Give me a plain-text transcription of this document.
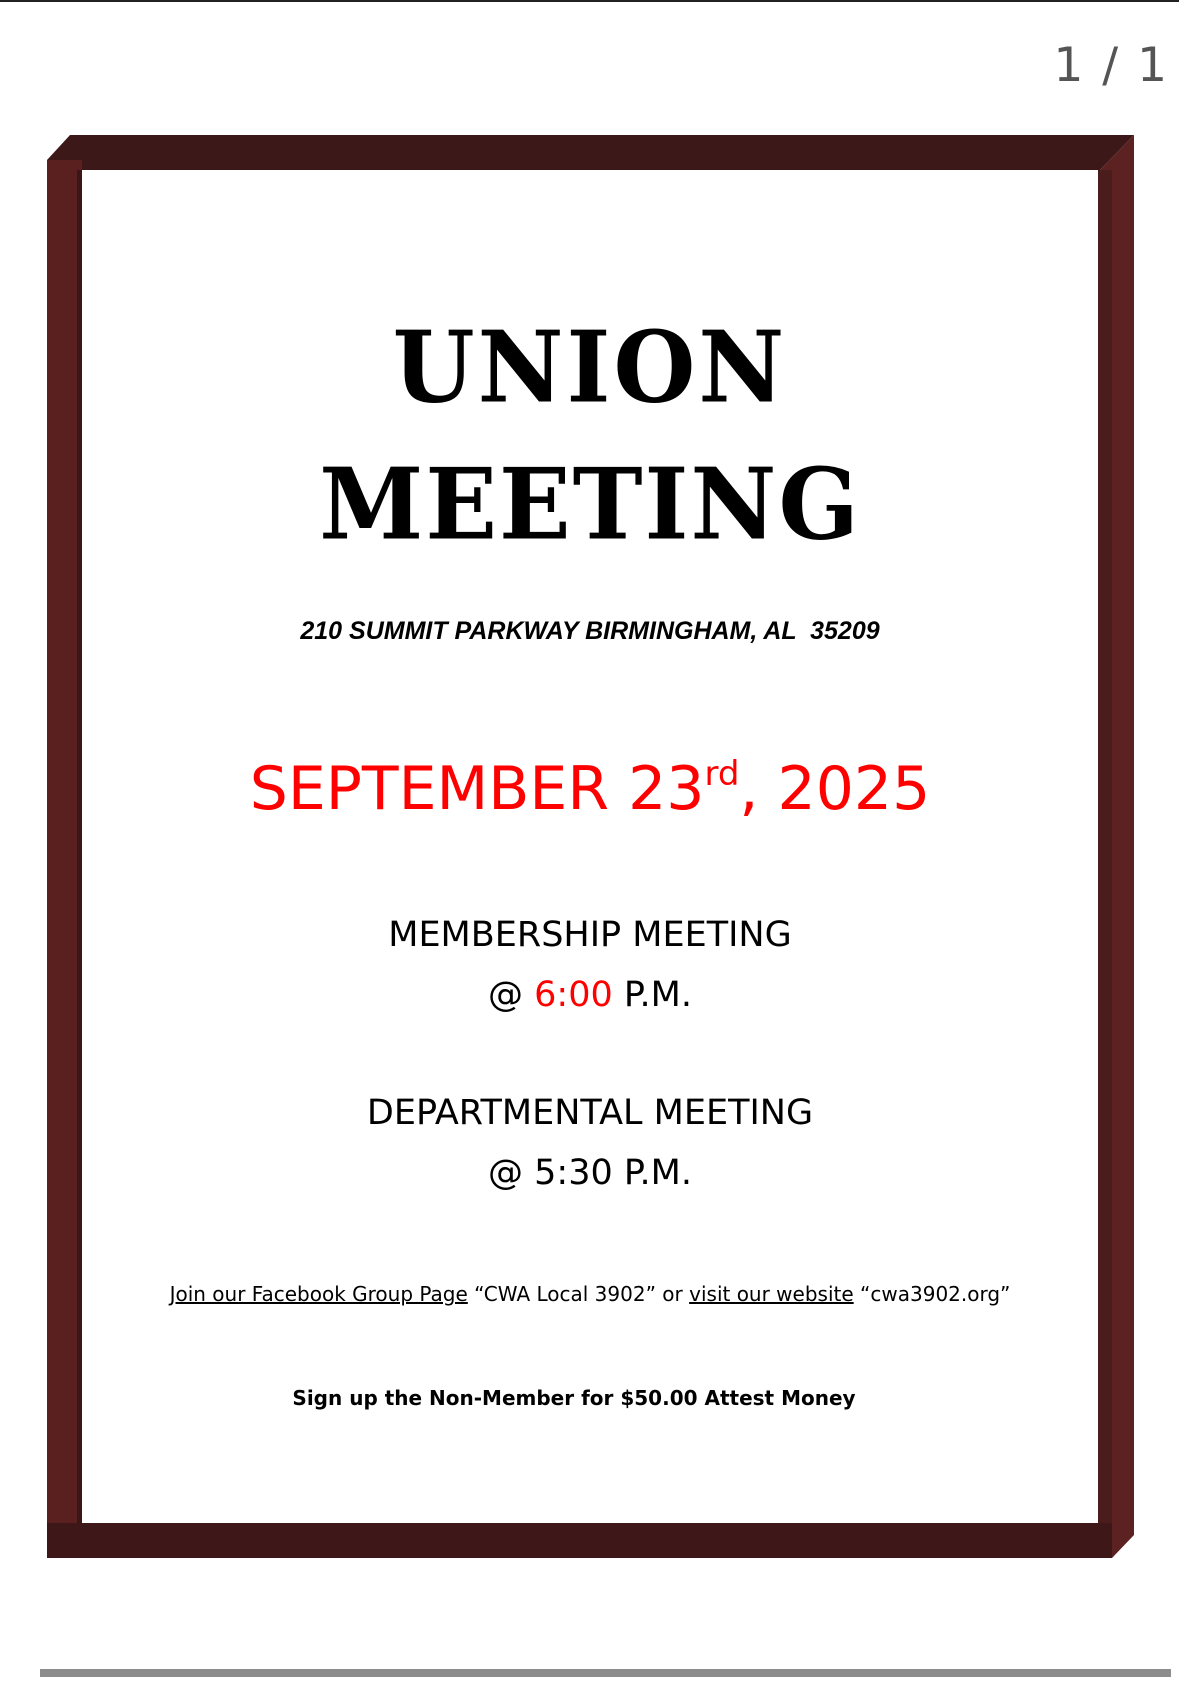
1 / 1
UNION
MEETING
210 SUMMIT PARKWAY BIRMINGHAM, AL  35209
SEPTEMBER 23rd, 2025
MEMBERSHIP MEETING
@ 6:00 P.M.
DEPARTMENTAL MEETING
@ 5:30 P.M.
Join our Facebook Group Page “CWA Local 3902” or visit our website “cwa3902.org”
Sign up the Non-Member for $50.00 Attest Money
